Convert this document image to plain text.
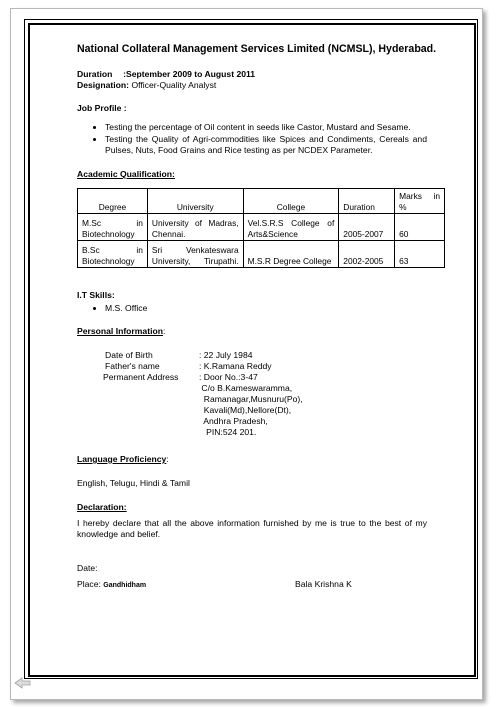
National Collateral Management Services Limited (NCMSL), Hyderabad.
Duration :September 2009 to August 2011
Designation: Officer-Quality Analyst
Job Profile :
• Testing the percentage of Oil content in seeds like Castor, Mustard and Sesame.
• Testing the Quality of Agri-commodities like Spices and Condiments, Cereals and Pulses, Nuts, Food Grains and Rice testing as per NCDEX Parameter.
Academic Qualification:
Degree	University	College	Duration	Marks in %
M.Sc in Biotechnology	University of Madras, Chennai.	Vel.S.R.S College of Arts&Science	2005-2007	60
B.Sc in Biotechnology	Sri Venkateswara University, Tirupathi.	M.S.R Degree College	2002-2005	63
I.T Skills:
• M.S. Office
Personal Information:
Date of Birth	: 22 July 1984
Father's name	: K.Ramana Reddy
Permanent Address	: Door No.:3-47
C/o B.Kameswaramma,
Ramanagar,Musnuru(Po),
Kavali(Md),Nellore(Dt),
Andhra Pradesh,
PIN:524 201.
Language Proficiency:
English, Telugu, Hindi & Tamil
Declaration:
I hereby declare that all the above information furnished by me is true to the best of my knowledge and belief.
Date:
Place: Gandhidham	Bala Krishna K
